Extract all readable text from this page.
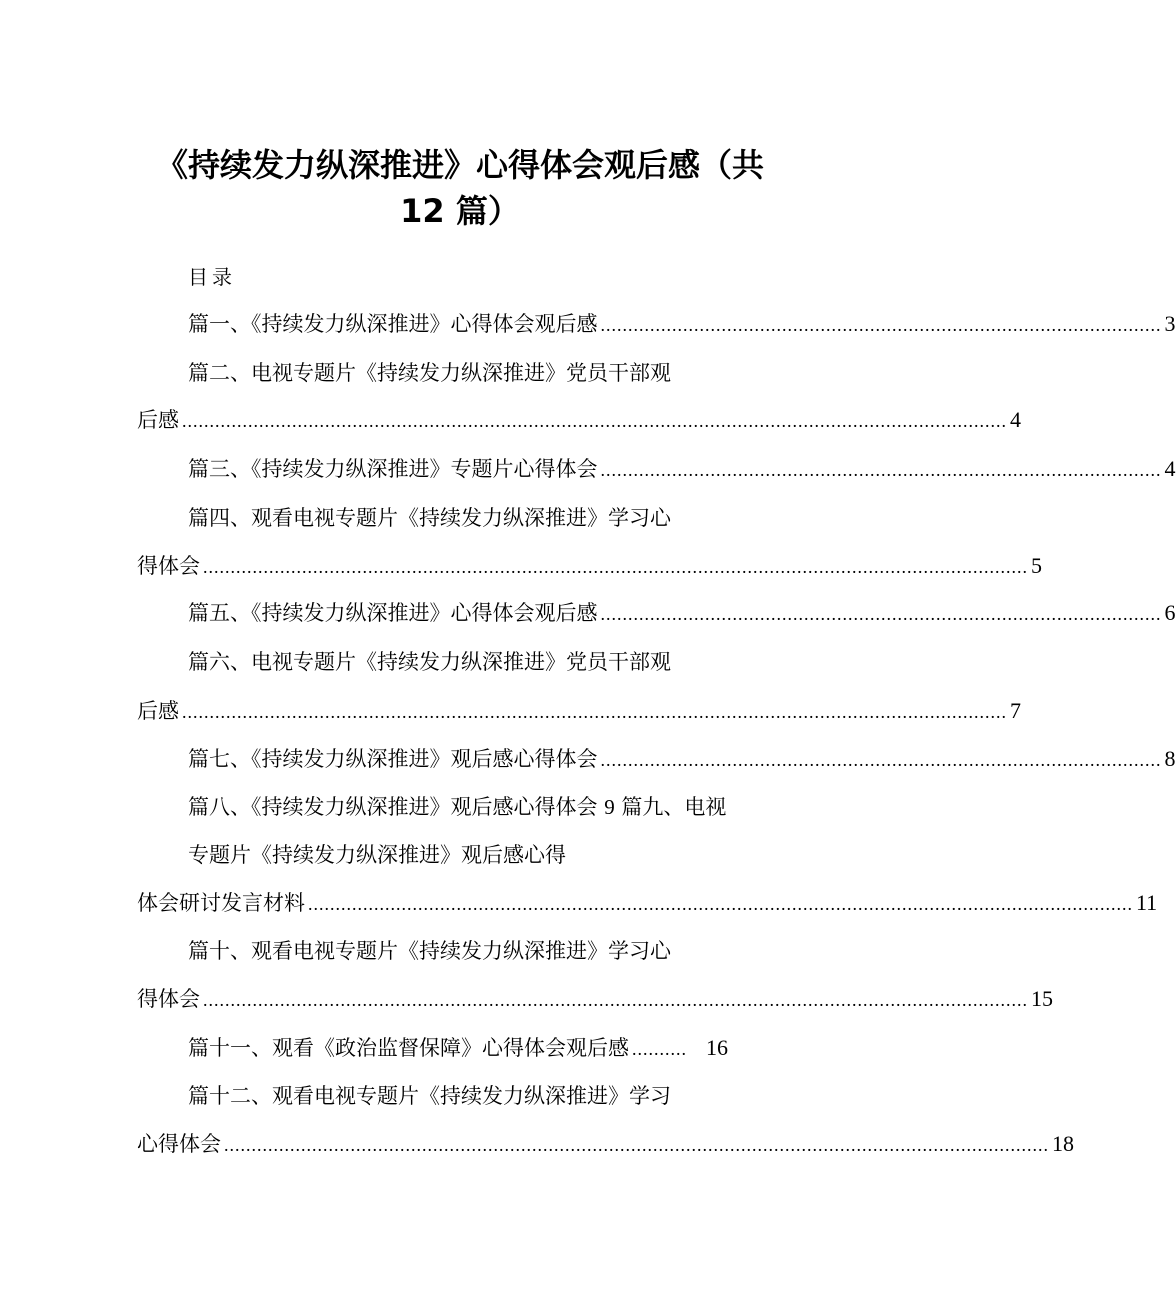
《持续发力纵深推进》心得体会观后感（共
12 篇）
目录
篇一、《持续发力纵深推进》心得体会观后感 ...................................................................................................... 3
篇二、电视专题片《持续发力纵深推进》党员干部观
后感 ...................................................................................................................................................... 4
篇三、《持续发力纵深推进》专题片心得体会 ...................................................................................................... 4
篇四、观看电视专题片《持续发力纵深推进》学习心
得体会 ...................................................................................................................................................... 5
篇五、《持续发力纵深推进》心得体会观后感 ...................................................................................................... 6
篇六、电视专题片《持续发力纵深推进》党员干部观
后感 ...................................................................................................................................................... 7
篇七、《持续发力纵深推进》观后感心得体会 ...................................................................................................... 8
篇八、《持续发力纵深推进》观后感心得体会 9 篇九、电视
专题片《持续发力纵深推进》观后感心得
体会研讨发言材料 ...................................................................................................................................................... 11
篇十、观看电视专题片《持续发力纵深推进》学习心
得体会 ...................................................................................................................................................... 15
篇十一、观看《政治监督保障》心得体会观后感 .......... 16
篇十二、观看电视专题片《持续发力纵深推进》学习
心得体会 ...................................................................................................................................................... 18
